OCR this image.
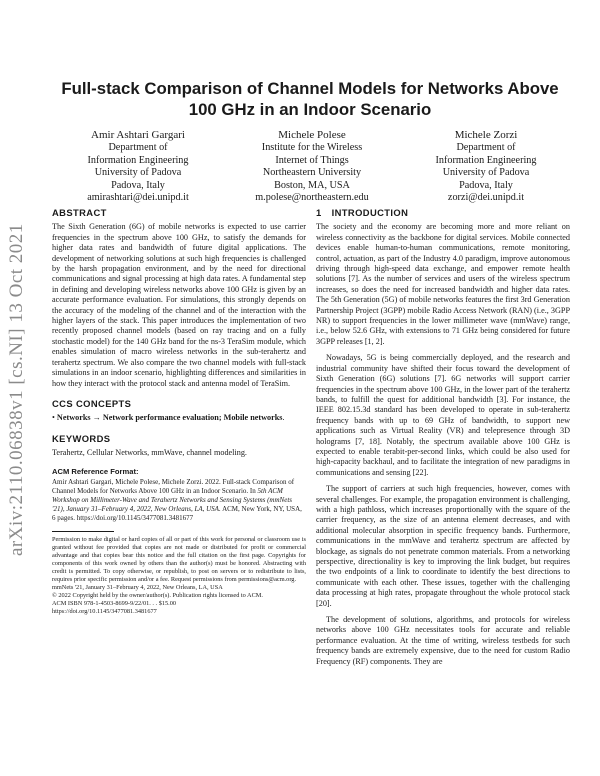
arXiv:2110.06838v1 [cs.NI] 13 Oct 2021
Full-stack Comparison of Channel Models for Networks Above
100 GHz in an Indoor Scenario
Amir Ashtari Gargari
Department of
Information Engineering
University of Padova
Padova, Italy
amirashtari@dei.unipd.it
Michele Polese
Institute for the Wireless
Internet of Things
Northeastern University
Boston, MA, USA
m.polese@northeastern.edu
Michele Zorzi
Department of
Information Engineering
University of Padova
Padova, Italy
zorzi@dei.unipd.it
ABSTRACT

The Sixth Generation (6G) of mobile networks is expected to use carrier frequencies in the spectrum above 100 GHz, to satisfy the demands for higher data rates and bandwidth of future digital applications. The development of networking solutions at such high frequencies is challenged by the harsh propagation environment, and by the need for directional communications and signal processing at high data rates. A fundamental step in defining and developing wireless networks above 100 GHz is given by an accurate performance evaluation. For simulations, this strongly depends on the accuracy of the modeling of the channel and of the interaction with the higher layers of the stack. This paper introduces the implementation of two recently proposed channel models (based on ray tracing and on a fully stochastic model) for the 140 GHz band for the ns-3 TeraSim module, which enables simulation of macro wireless networks in the sub-terahertz and terahertz spectrum. We also compare the two channel models with full-stack simulations in an indoor scenario, highlighting differences and similarities in how they interact with the protocol stack and antenna model of TeraSim.

CCS CONCEPTS

• Networks → Network performance evaluation; Mobile networks.

KEYWORDS

Terahertz, Cellular Networks, mmWave, channel modeling.

ACM Reference Format:

Amir Ashtari Gargari, Michele Polese, Michele Zorzi. 2022. Full-stack Comparison of Channel Models for Networks Above 100 GHz in an Indoor Scenario. In 5th ACM Workshop on Millimeter-Wave and Terahertz Networks and Sensing Systems (mmNets '21), January 31–February 4, 2022, New Orleans, LA, USA. ACM, New York, NY, USA, 6 pages. https://doi.org/10.1145/3477081.3481677

Permission to make digital or hard copies of all or part of this work for personal or classroom use is granted without fee provided that copies are not made or distributed for profit or commercial advantage and that copies bear this notice and the full citation on the first page. Copyrights for components of this work owned by others than the author(s) must be honored. Abstracting with credit is permitted. To copy otherwise, or republish, to post on servers or to redistribute to lists, requires prior specific permission and/or a fee. Request permissions from permissions@acm.org.
mmNets '21, January 31–February 4, 2022, New Orleans, LA, USA
© 2022 Copyright held by the owner/author(s). Publication rights licensed to ACM.
ACM ISBN 978-1-4503-8699-9/22/01. . . $15.00
https://doi.org/10.1145/3477081.3481677
1 INTRODUCTION

The society and the economy are becoming more and more reliant on wireless connectivity as the backbone for digital services. Mobile connected devices enable human-to-human communications, remote monitoring, control, actuation, as part of the Industry 4.0 paradigm, improve autonomous driving through high-speed data exchange, and empower remote health solutions [7]. As the number of services and users of the wireless spectrum increases, so does the need for increased bandwidth and higher data rates. The 5th Generation (5G) of mobile networks features the first 3rd Generation Partnership Project (3GPP) mobile Radio Access Network (RAN) (i.e., 3GPP NR) to support frequencies in the lower millimeter wave (mmWave) range, i.e., below 52.6 GHz, with extensions to 71 GHz being considered for future 3GPP releases [1, 2].

Nowadays, 5G is being commercially deployed, and the research and industrial community have shifted their focus toward the development of Sixth Generation (6G) solutions [7]. 6G networks will support carrier frequencies in the spectrum above 100 GHz, in the lower part of the terahertz bands, to fulfill the quest for additional bandwidth [3]. For instance, the IEEE 802.15.3d standard has been developed to operate in sub-terahertz frequency bands with up to 69 GHz of bandwidth, to support new applications such as Virtual Reality (VR) and telepresence through 3D holograms [7, 18]. Notably, the spectrum available above 100 GHz is expected to enable terabit-per-second links, which could be also used for high-capacity backhaul, and to facilitate the integration of new paradigms in communications and sensing [22].

The support of carriers at such high frequencies, however, comes with several challenges. For example, the propagation environment is challenging, with a high pathloss, which increases proportionally with the square of the carrier frequency, as the size of an antenna element decreases, and with additional molecular absorption in specific frequency bands. Furthermore, communications in the mmWave and terahertz spectrum are affected by blockage, as signals do not penetrate common materials. From a networking perspective, directionality is key to improving the link budget, but requires the two endpoints of a link to coordinate to identify the best directions to communicate with each other. These issues, together with the challenging data processing at high rates, propagate throughout the whole protocol stack [20].

The development of solutions, algorithms, and protocols for wireless networks above 100 GHz necessitates tools for accurate and reliable performance evaluation. At the time of writing, wireless testbeds for such frequency bands are extremely expensive, due to the need for custom Radio Frequency (RF) components. They are
